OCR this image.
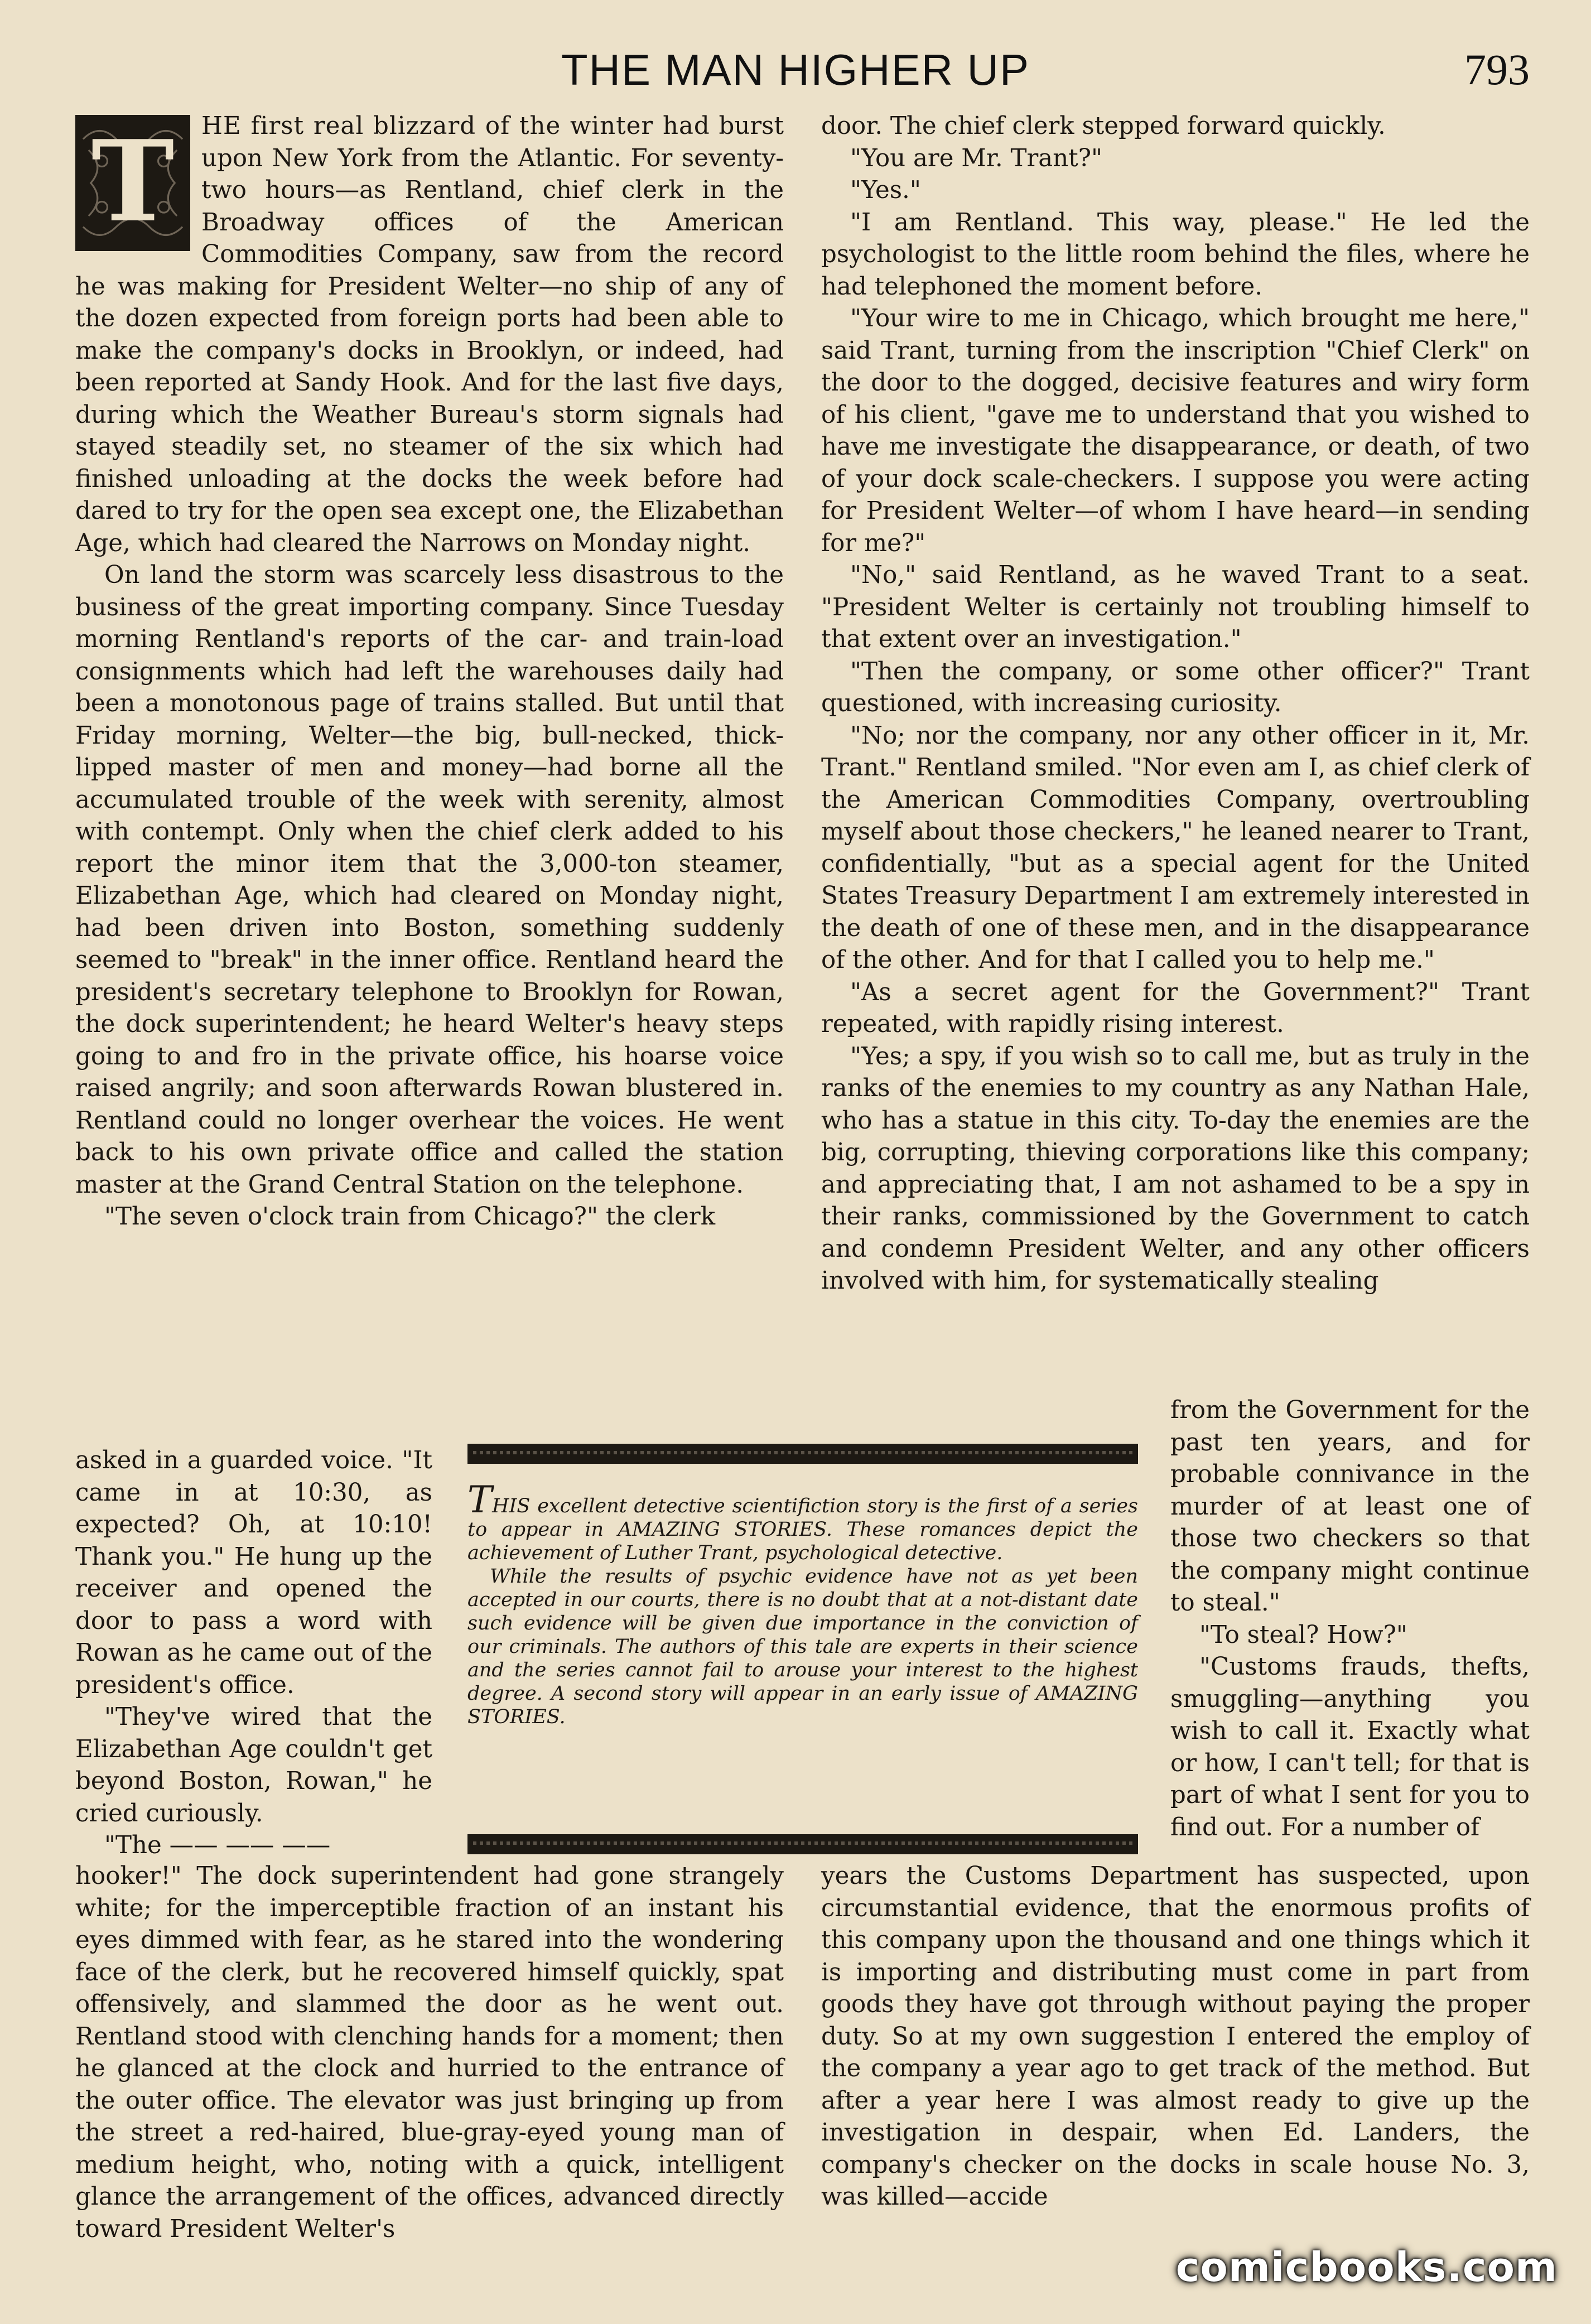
THE MAN HIGHER UP	793
T	HE first real blizzard of the winter had burst upon New York from the Atlantic. For seventy-two hours—as Rentland, chief clerk in the Broadway offices of the American Commodities Company, saw from the record he was making for President Welter—no ship of any of the dozen expected from foreign ports had been able to make the company's docks in Brooklyn, or indeed, had been reported at Sandy Hook. And for the last five days, during which the Weather Bureau's storm signals had stayed steadily set, no steamer of the six which had finished unloading at the docks the week before had dared to try for the open sea except one, the Elizabethan Age, which had cleared the Narrows on Monday night.

On land the storm was scarcely less disastrous to the business of the great importing company. Since Tuesday morning Rentland's reports of the car- and train-load consignments which had left the warehouses daily had been a monotonous page of trains stalled. But until that Friday morning, Welter—the big, bull-necked, thick-lipped master of men and money—had borne all the accumulated trouble of the week with serenity, almost with contempt. Only when the chief clerk added to his report the minor item that the 3,000-ton steamer, Elizabethan Age, which had cleared on Monday night, had been driven into Boston, something suddenly seemed to "break" in the inner office. Rentland heard the president's secretary telephone to Brooklyn for Rowan, the dock superintendent; he heard Welter's heavy steps going to and fro in the private office, his hoarse voice raised angrily; and soon afterwards Rowan blustered in. Rentland could no longer overhear the voices. He went back to his own private office and called the station master at the Grand Central Station on the telephone.

"The seven o'clock train from Chicago?" the clerk

asked in a guarded voice. "It came in at 10:30, as expected? Oh, at 10:10! Thank you." He hung up the receiver and opened the door to pass a word with Rowan as he came out of the president's office.

"They've wired that the Elizabethan Age couldn't get beyond Boston, Rowan," he cried curiously.

"The —— —— ——

hooker!" The dock superintendent had gone strangely white; for the imperceptible fraction of an instant his eyes dimmed with fear, as he stared into the wondering face of the clerk, but he recovered himself quickly, spat offensively, and slammed the door as he went out. Rentland stood with clenching hands for a moment; then he glanced at the clock and hurried to the entrance of the outer office. The elevator was just bringing up from the street a red-haired, blue-gray-eyed young man of medium height, who, noting with a quick, intelligent glance the arrangement of the offices, advanced directly toward President Welter's

door. The chief clerk stepped forward quickly.

"You are Mr. Trant?"

"Yes."

"I am Rentland. This way, please." He led the psychologist to the little room behind the files, where he had telephoned the moment before.

"Your wire to me in Chicago, which brought me here," said Trant, turning from the inscription "Chief Clerk" on the door to the dogged, decisive features and wiry form of his client, "gave me to understand that you wished to have me investigate the disappearance, or death, of two of your dock scale-checkers. I suppose you were acting for President Welter—of whom I have heard—in sending for me?"

"No," said Rentland, as he waved Trant to a seat. "President Welter is certainly not troubling himself to that extent over an investigation."

"Then the company, or some other officer?" Trant questioned, with increasing curiosity.

"No; nor the company, nor any other officer in it, Mr. Trant." Rentland smiled. "Nor even am I, as chief clerk of the American Commodities Company, overtroubling myself about those checkers," he leaned nearer to Trant, confidentially, "but as a special agent for the United States Treasury Department I am extremely interested in the death of one of these men, and in the disappearance of the other. And for that I called you to help me."

"As a secret agent for the Government?" Trant repeated, with rapidly rising interest.

"Yes; a spy, if you wish so to call me, but as truly in the ranks of the enemies to my country as any Nathan Hale, who has a statue in this city. To-day the enemies are the big, corrupting, thieving corporations like this company; and appreciating that, I am not ashamed to be a spy in their ranks, commissioned by the Government to catch and condemn President Welter, and any other officers involved with him, for systematically stealing

THIS excellent detective scientifiction story is the first of a series to appear in AMAZING STORIES. These romances depict the achievement of Luther Trant, psychological detective.

While the results of psychic evidence have not as yet been accepted in our courts, there is no doubt that at a not-distant date such evidence will be given due importance in the conviction of our criminals. The authors of this tale are experts in their science and the series cannot fail to arouse your interest to the highest degree. A second story will appear in an early issue of AMAZING STORIES.

from the Government for the past ten years, and for probable connivance in the murder of at least one of those two checkers so that the company might continue to steal."

"To steal? How?"

"Customs frauds, thefts, smuggling—anything you wish to call it. Exactly what or how, I can't tell; for that is part of what I sent for you to find out. For a number of

years the Customs Department has suspected, upon circumstantial evidence, that the enormous profits of this company upon the thousand and one things which it is importing and distributing must come in part from goods they have got through without paying the proper duty. So at my own suggestion I entered the employ of the company a year ago to get track of the method. But after a year here I was almost ready to give up the investigation in despair, when Ed. Landers, the company's checker on the docks in scale house No. 3, was killed—accide

comicbooks.com
